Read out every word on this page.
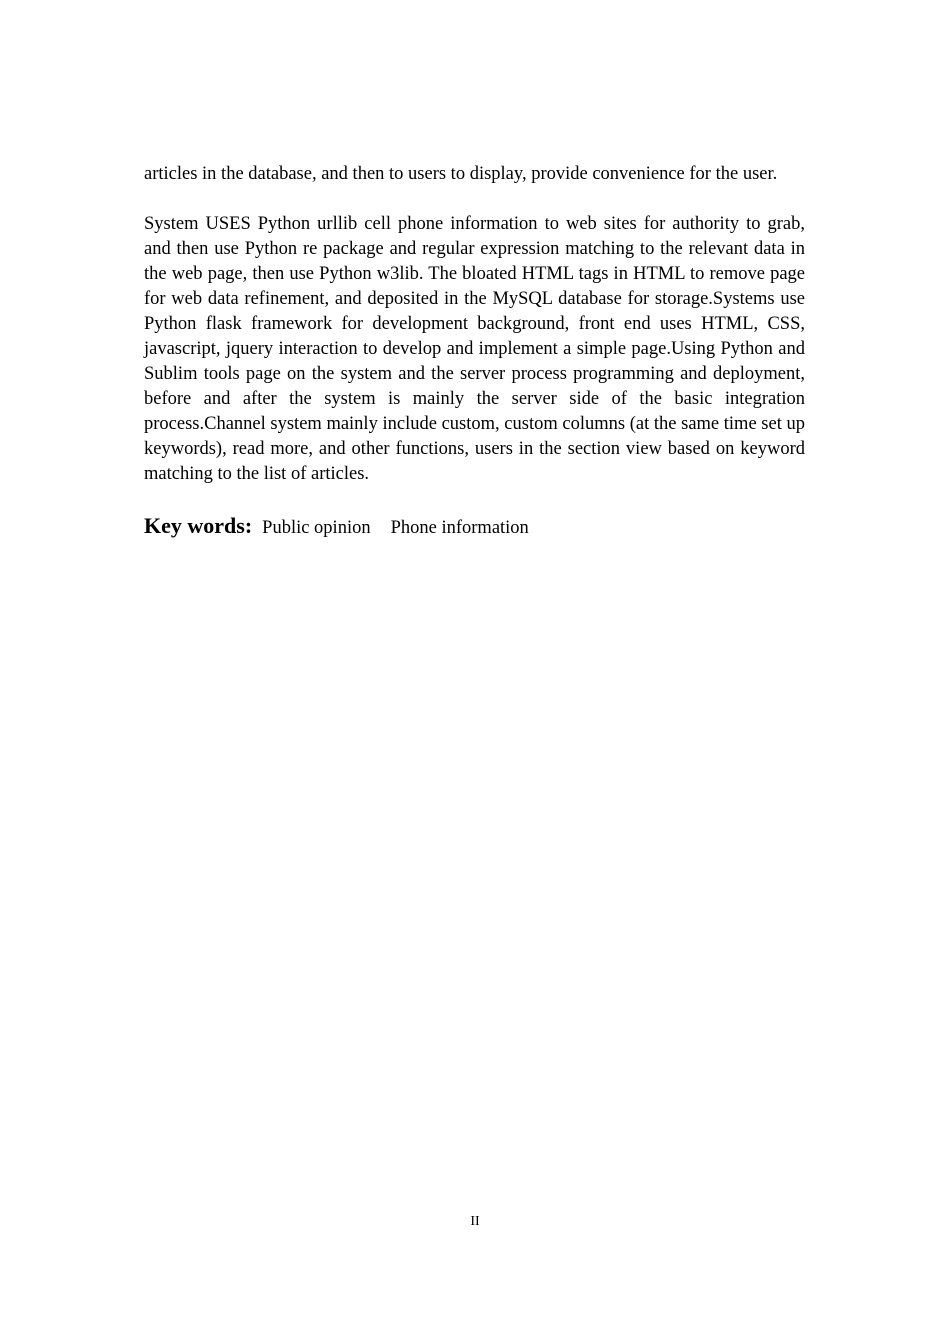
articles in the database, and then to users to display, provide convenience for the user.

System USES Python urllib cell phone information to web sites for authority to grab, and then use Python re package and regular expression matching to the relevant data in the web page, then use Python w3lib. The bloated HTML tags in HTML to remove page for web data refinement, and deposited in the MySQL database for storage.Systems use Python flask framework for development background, front end uses HTML, CSS, javascript, jquery interaction to develop and implement a simple page.Using Python and Sublim tools page on the system and the server process programming and deployment, before and after the system is mainly the server side of the basic integration process.Channel system mainly include custom, custom columns (at the same time set up keywords), read more, and other functions, users in the section view based on keyword matching to the list of articles.

Key words: Public opinion Phone information
II
